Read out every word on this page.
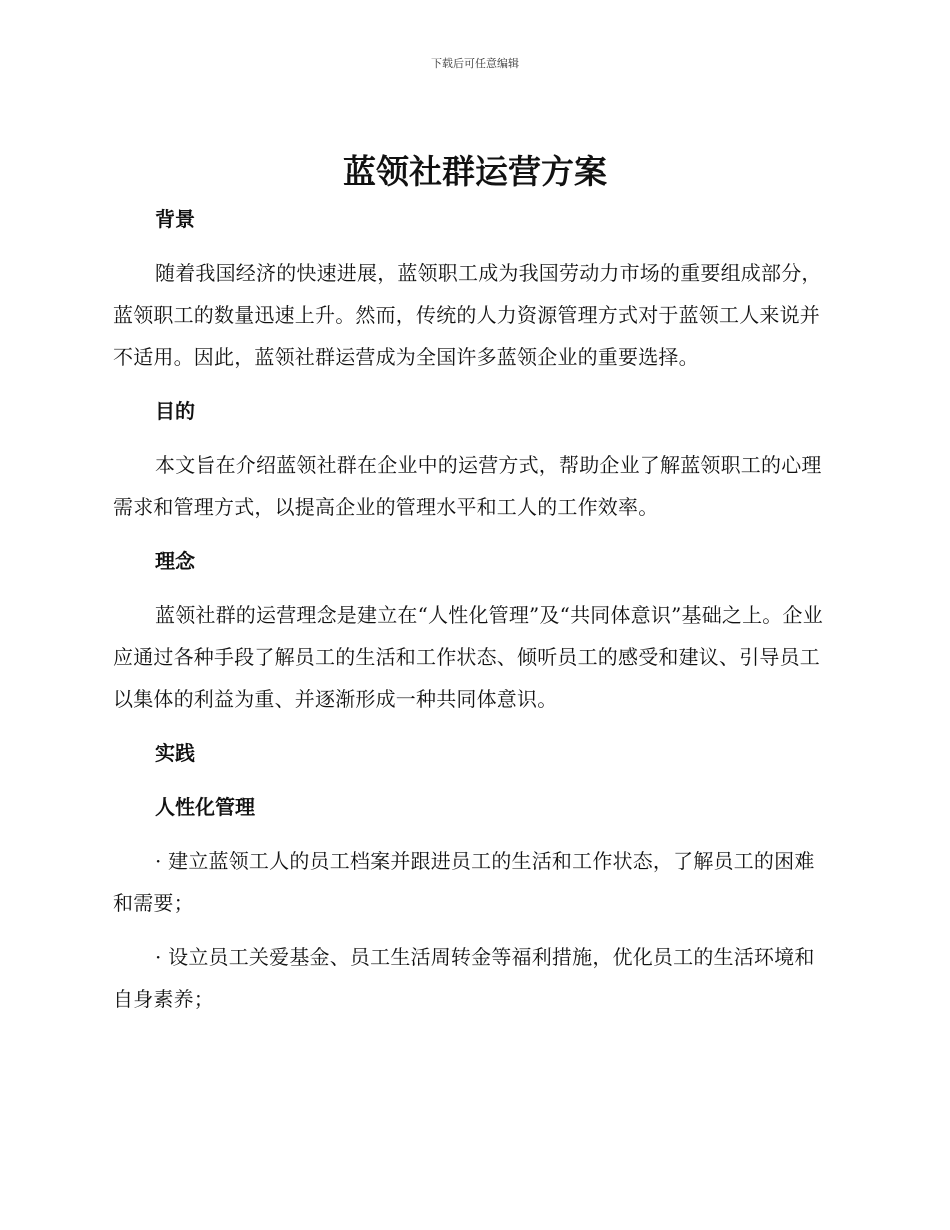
下载后可任意编辑
蓝领社群运营方案

背景

随着我国经济的快速进展，蓝领职工成为我国劳动力市场的重要组成部分，蓝领职工的数量迅速上升。然而，传统的人力资源管理方式对于蓝领工人来说并不适用。因此，蓝领社群运营成为全国许多蓝领企业的重要选择。

目的

本文旨在介绍蓝领社群在企业中的运营方式，帮助企业了解蓝领职工的心理需求和管理方式，以提高企业的管理水平和工人的工作效率。

理念

蓝领社群的运营理念是建立在“人性化管理”及“共同体意识”基础之上。企业应通过各种手段了解员工的生活和工作状态、倾听员工的感受和建议、引导员工以集体的利益为重、并逐渐形成一种共同体意识。

实践

人性化管理

· 建立蓝领工人的员工档案并跟进员工的生活和工作状态，了解员工的困难和需要；

· 设立员工关爱基金、员工生活周转金等福利措施，优化员工的生活环境和自身素养；
